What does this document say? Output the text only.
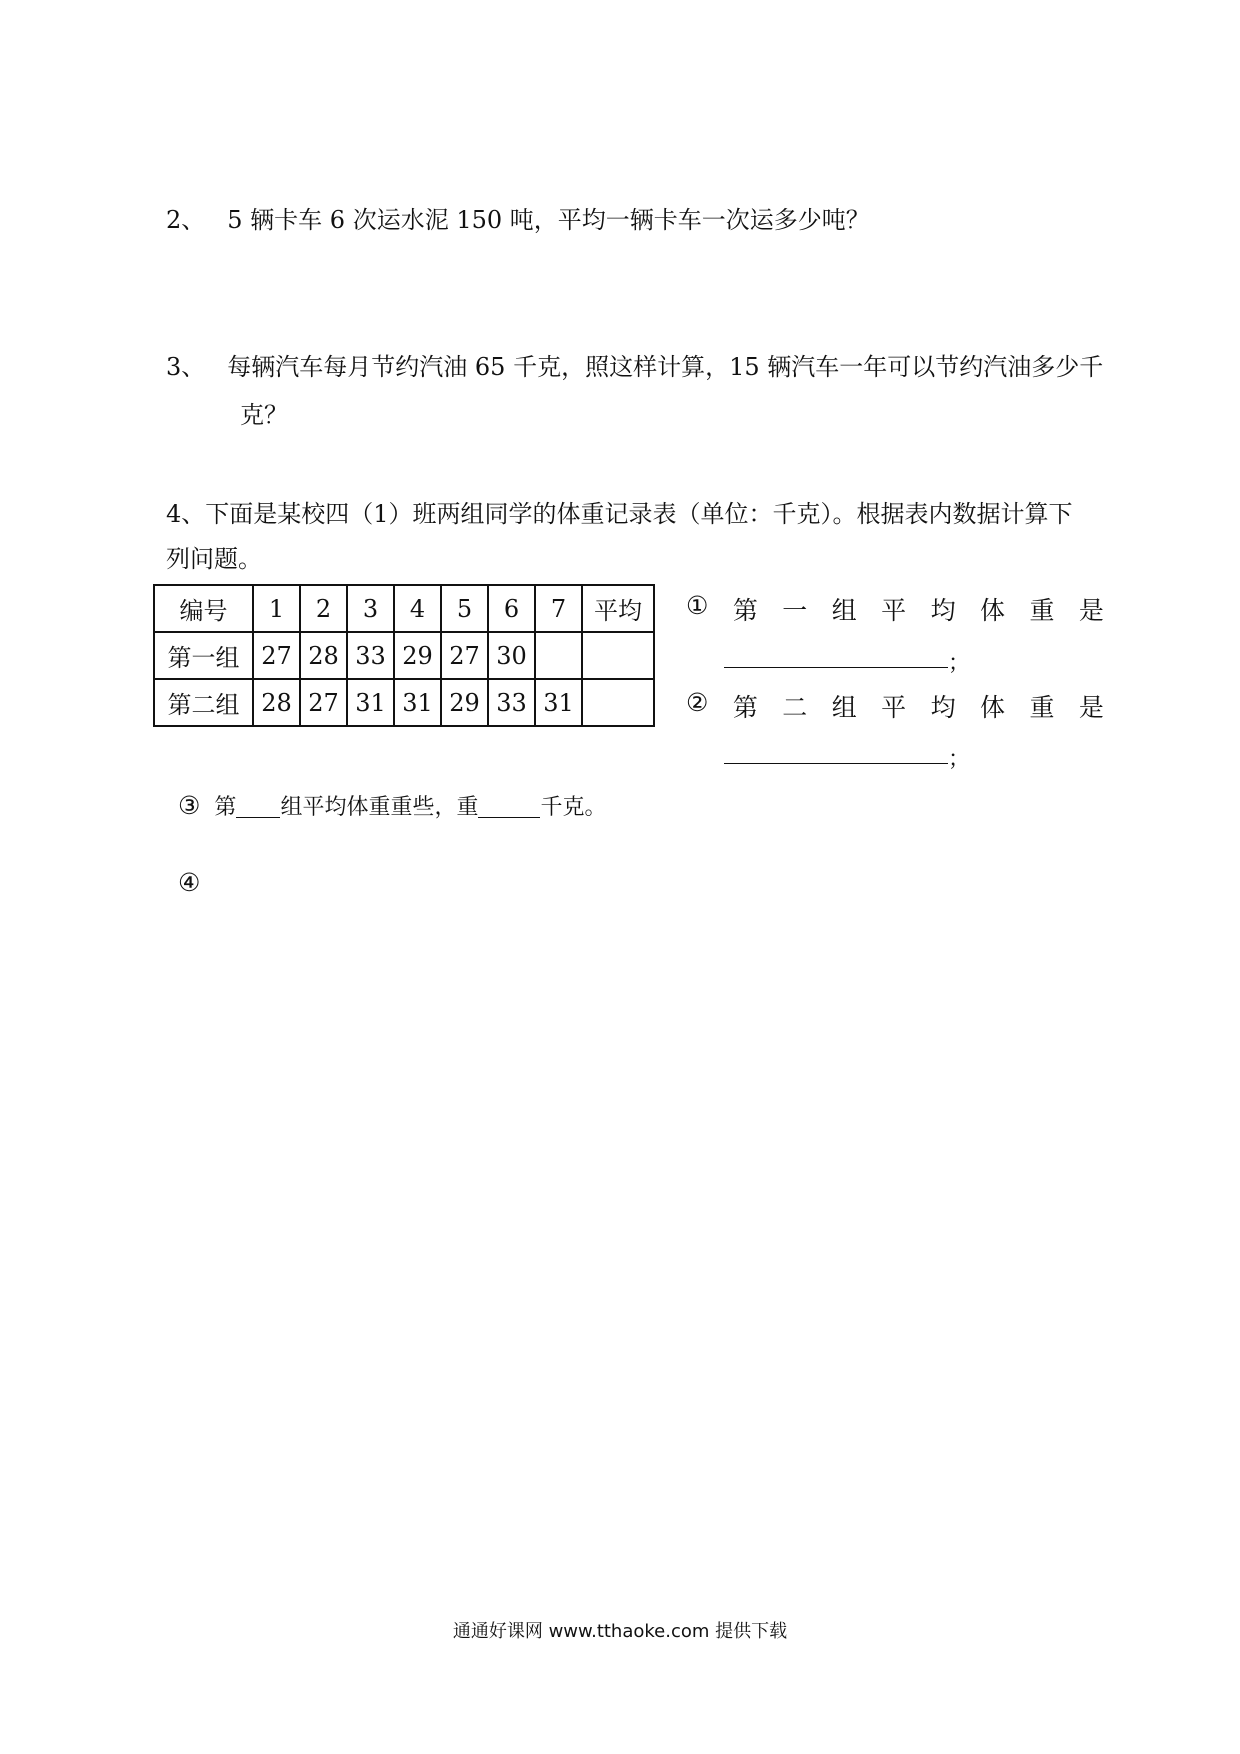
2、 5 辆卡车 6 次运水泥 150 吨，平均一辆卡车一次运多少吨？
3、 每辆汽车每月节约汽油 65 千克，照这样计算，15 辆汽车一年可以节约汽油多少千
克？
4、下面是某校四（1）班两组同学的体重记录表（单位：千克）。根据表内数据计算下
列问题。
编号	1	2	3	4	5	6	7	平均
第一组	27	28	33	29	27	30		
第二组	28	27	31	31	29	33	31	
① 第 一 组 平 均 体 重 是
；
② 第 二 组 平 均 体 重 是
；
③ 第 组平均体重重些，重	千克。
④
通通好课网 www.tthaoke.com 提供下载
